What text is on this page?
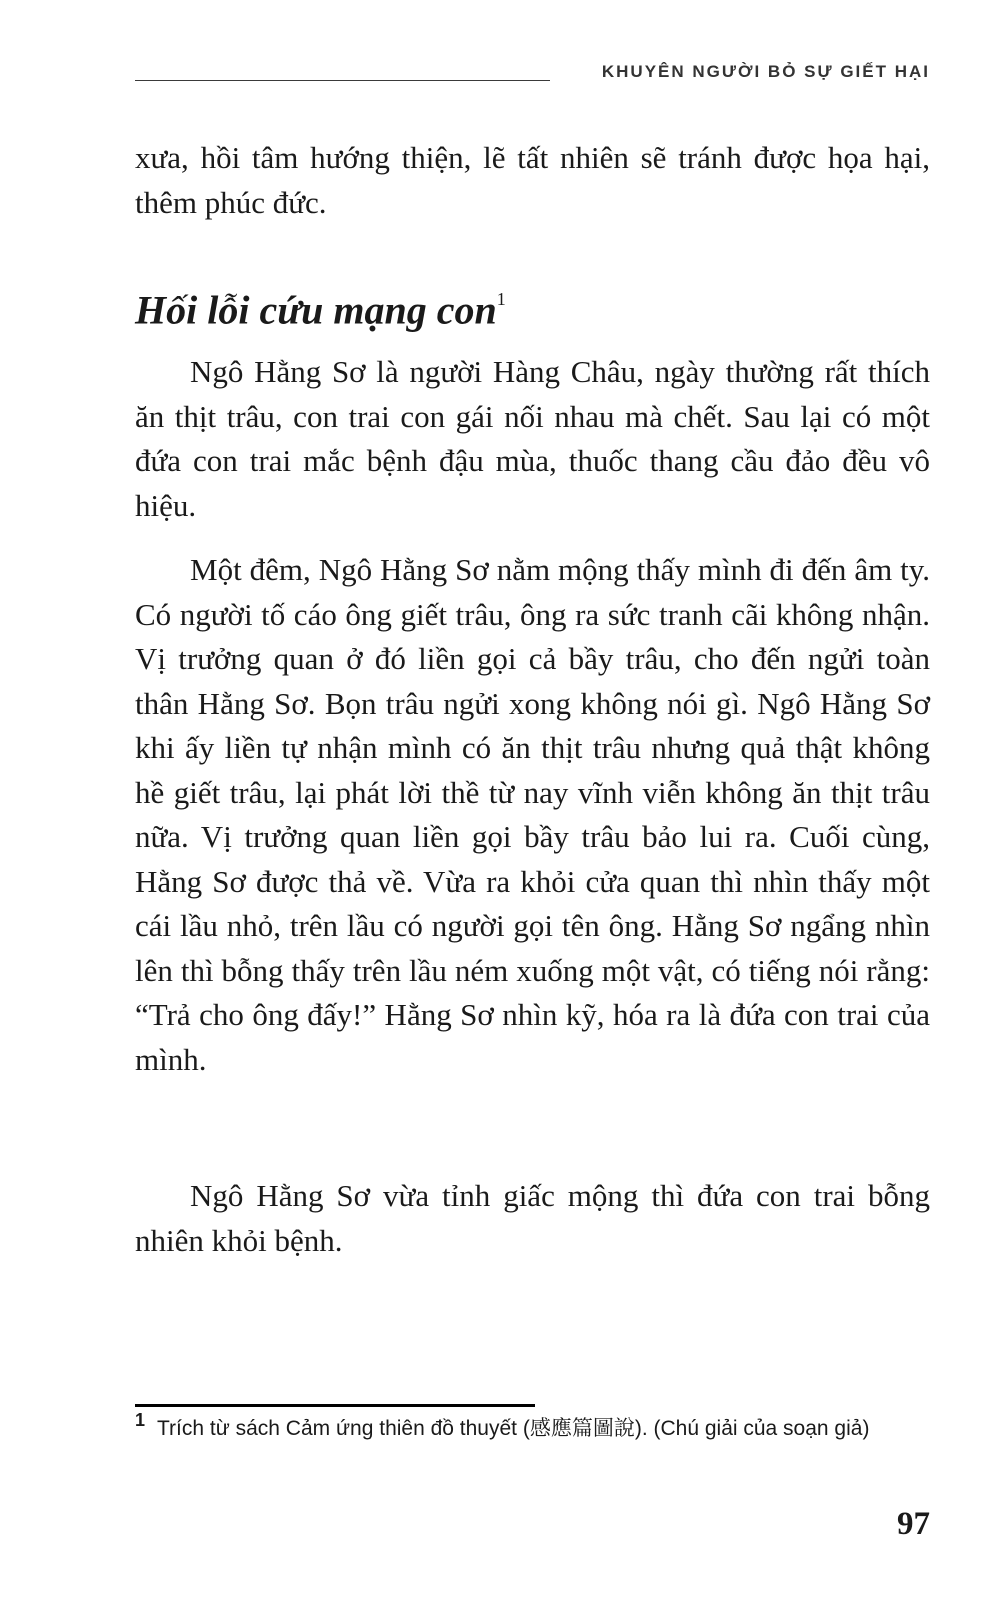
KHUYÊN NGƯỜI BỎ SỰ GIẾT HẠI

xưa, hồi tâm hướng thiện, lẽ tất nhiên sẽ tránh được họa hại, thêm phúc đức.

Hối lỗi cứu mạng con$^1$

Ngô Hằng Sơ là người Hàng Châu, ngày thường rất thích ăn thịt trâu, con trai con gái nối nhau mà chết. Sau lại có một đứa con trai mắc bệnh đậu mùa, thuốc thang cầu đảo đều vô hiệu.

Một đêm, Ngô Hằng Sơ nằm mộng thấy mình đi đến âm ty. Có người tố cáo ông giết trâu, ông ra sức tranh cãi không nhận. Vị trưởng quan ở đó liền gọi cả bầy trâu, cho đến ngửi toàn thân Hằng Sơ. Bọn trâu ngửi xong không nói gì. Ngô Hằng Sơ khi ấy liền tự nhận mình có ăn thịt trâu nhưng quả thật không hề giết trâu, lại phát lời thề từ nay vĩnh viễn không ăn thịt trâu nữa. Vị trưởng quan liền gọi bầy trâu bảo lui ra. Cuối cùng, Hằng Sơ được thả về. Vừa ra khỏi cửa quan thì nhìn thấy một cái lầu nhỏ, trên lầu có người gọi tên ông. Hằng Sơ ngẩng nhìn lên thì bỗng thấy trên lầu ném xuống một vật, có tiếng nói rằng: “Trả cho ông đấy!” Hằng Sơ nhìn kỹ, hóa ra là đứa con trai của mình.

Ngô Hằng Sơ vừa tỉnh giấc mộng thì đứa con trai bỗng nhiên khỏi bệnh.

1 Trích từ sách Cảm ứng thiên đồ thuyết (感應篇圖說). (Chú giải của soạn giả)
97
